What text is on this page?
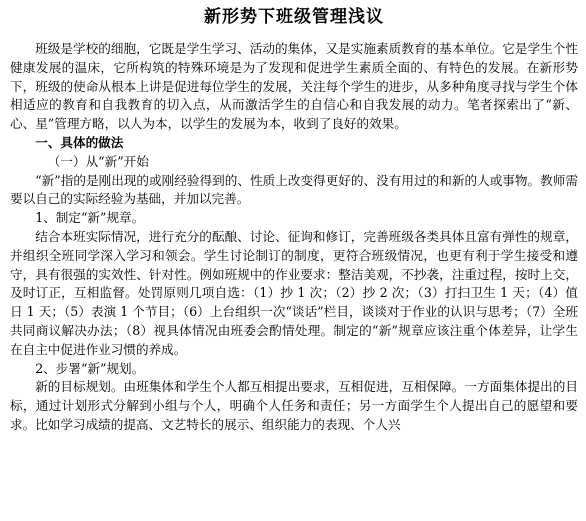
新形势下班级管理浅议

班级是学校的细胞，它既是学生学习、活动的集体，又是实施素质教育的基本单位。它是学生个性健康发展的温床，它所构筑的特殊环境是为了发现和促进学生素质全面的、有特色的发展。在新形势下，班级的使命从根本上讲是促进每位学生的发展，关注每个学生的进步，从多种角度寻找与学生个体相适应的教育和自我教育的切入点，从而激活学生的自信心和自我发展的动力。笔者探索出了“新、心、星”管理方略，以人为本，以学生的发展为本，收到了良好的效果。

一、具体的做法

（一）从“新”开始

“新”指的是刚出现的或刚经验得到的、性质上改变得更好的、没有用过的和新的人或事物。教师需要以自己的实际经验为基础，并加以完善。

1、制定“新”规章。

结合本班实际情况，进行充分的酝酿、讨论、征询和修订，完善班级各类具体且富有弹性的规章，并组织全班同学深入学习和领会。学生讨论制订的制度，更符合班级情况，也更有利于学生接受和遵守，具有很强的实效性、针对性。例如班规中的作业要求：整洁美观，不抄袭，注重过程，按时上交，及时订正，互相监督。处罚原则几项自选：（1）抄 1 次；（2）抄 2 次；（3）打扫卫生 1 天；（4）值日 1 天；（5）表演 1 个节目；（6）上台组织一次“谈话”栏目，谈谈对于作业的认识与思考；（7）全班共同商议解决办法；（8）视具体情况由班委会酌情处理。制定的“新”规章应该注重个体差异，让学生在自主中促进作业习惯的养成。

2、步署“新”规划。

新的目标规划。由班集体和学生个人都互相提出要求，互相促进，互相保障。一方面集体提出的目标，通过计划形式分解到小组与个人，明确个人任务和责任；另一方面学生个人提出自己的愿望和要求。比如学习成绩的提高、文艺特长的展示、组织能力的表现、个人兴
